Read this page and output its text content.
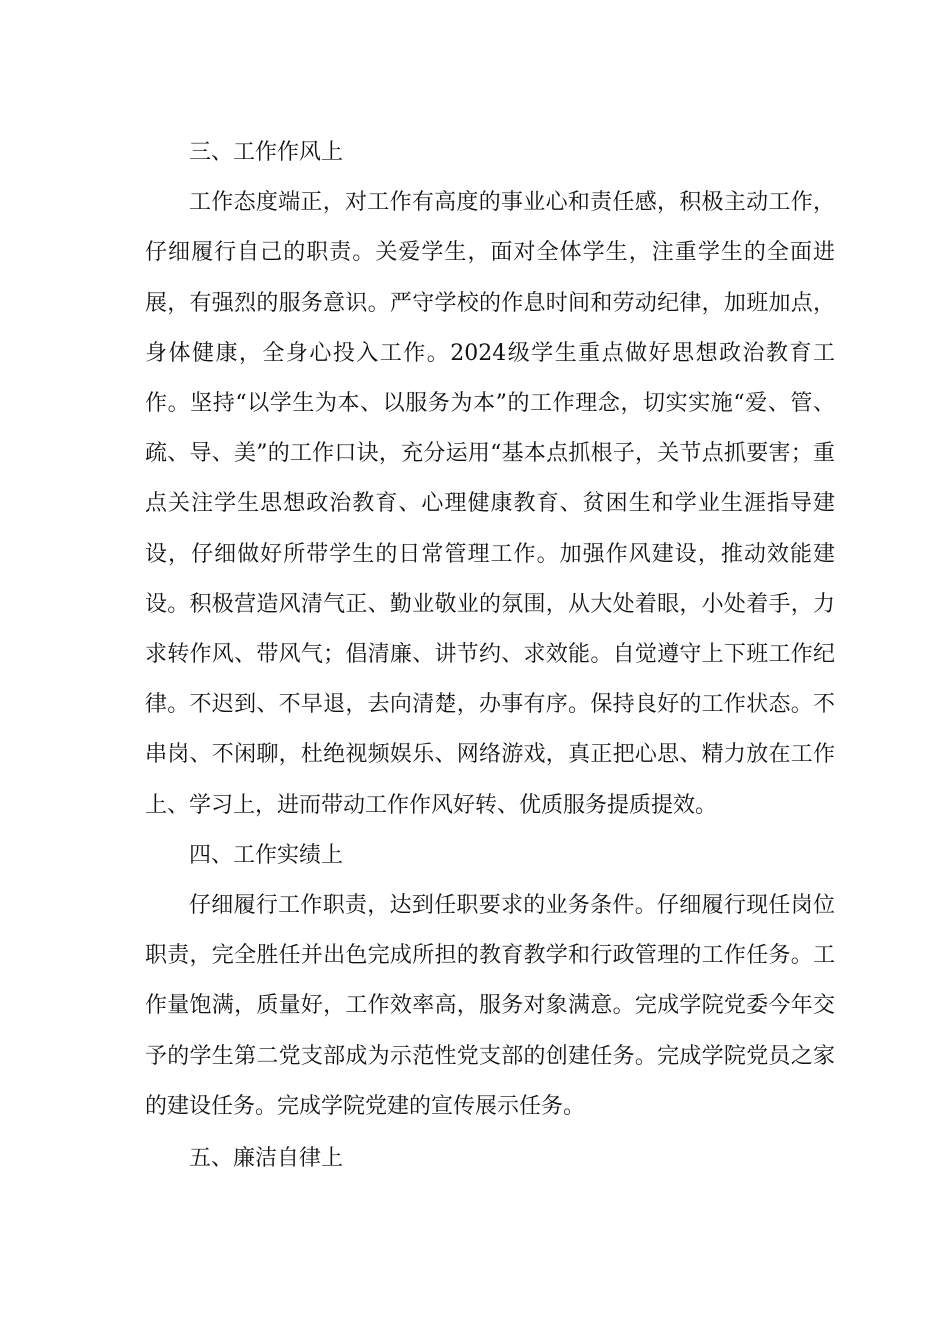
三、工作作风上

工作态度端正，对工作有高度的事业心和责任感，积极主动工作，仔细履行自己的职责。关爱学生，面对全体学生，注重学生的全面进展，有强烈的服务意识。严守学校的作息时间和劳动纪律，加班加点，身体健康，全身心投入工作。2024级学生重点做好思想政治教育工作。坚持“以学生为本、以服务为本”的工作理念，切实实施“爱、管、疏、导、美”的工作口诀，充分运用“基本点抓根子，关节点抓要害；重点关注学生思想政治教育、心理健康教育、贫困生和学业生涯指导建设，仔细做好所带学生的日常管理工作。加强作风建设，推动效能建设。积极营造风清气正、勤业敬业的氛围，从大处着眼，小处着手，力求转作风、带风气；倡清廉、讲节约、求效能。自觉遵守上下班工作纪律。不迟到、不早退，去向清楚，办事有序。保持良好的工作状态。不串岗、不闲聊，杜绝视频娱乐、网络游戏，真正把心思、精力放在工作上、学习上，进而带动工作作风好转、优质服务提质提效。

四、工作实绩上

仔细履行工作职责，达到任职要求的业务条件。仔细履行现任岗位职责，完全胜任并出色完成所担的教育教学和行政管理的工作任务。工作量饱满，质量好，工作效率高，服务对象满意。完成学院党委今年交予的学生第二党支部成为示范性党支部的创建任务。完成学院党员之家的建设任务。完成学院党建的宣传展示任务。

五、廉洁自律上
